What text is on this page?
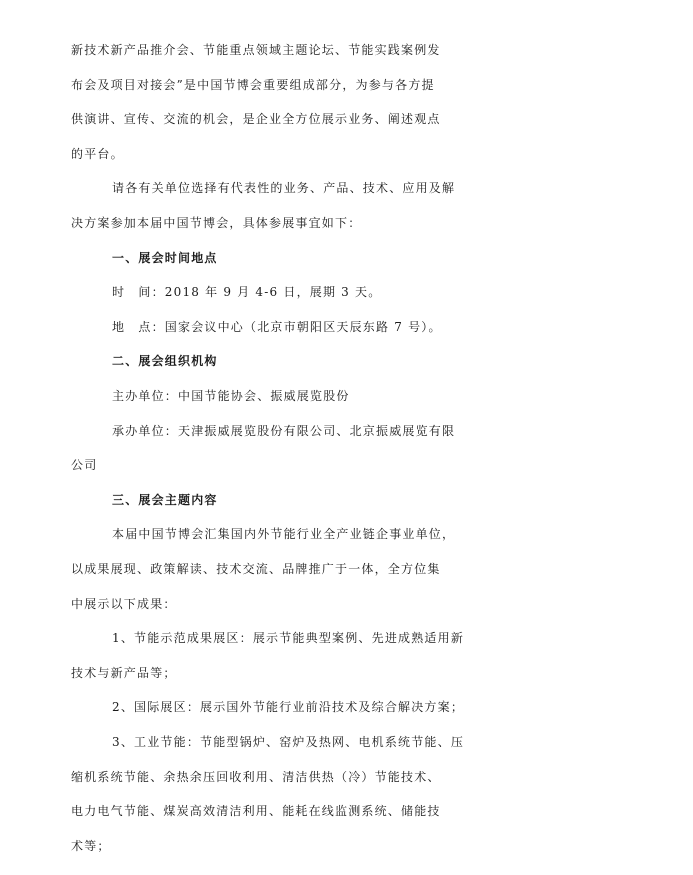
新技术新产品推介会、节能重点领域主题论坛、节能实践案例发
布会及项目对接会”是中国节博会重要组成部分，为参与各方提
供演讲、宣传、交流的机会，是企业全方位展示业务、阐述观点
的平台。
请各有关单位选择有代表性的业务、产品、技术、应用及解
决方案参加本届中国节博会，具体参展事宜如下：
一、展会时间地点
时　间：2018 年 9 月 4-6 日，展期 3 天。
地　点：国家会议中心（北京市朝阳区天辰东路 7 号）。
二、展会组织机构
主办单位：中国节能协会、振威展览股份
承办单位：天津振威展览股份有限公司、北京振威展览有限
公司
三、展会主题内容
本届中国节博会汇集国内外节能行业全产业链企事业单位，
以成果展现、政策解读、技术交流、品牌推广于一体，全方位集
中展示以下成果：
1、节能示范成果展区：展示节能典型案例、先进成熟适用新
技术与新产品等；
2、国际展区：展示国外节能行业前沿技术及综合解决方案；
3、工业节能：节能型锅炉、窑炉及热网、电机系统节能、压
缩机系统节能、余热余压回收利用、清洁供热（冷）节能技术、
电力电气节能、煤炭高效清洁利用、能耗在线监测系统、储能技
术等；
